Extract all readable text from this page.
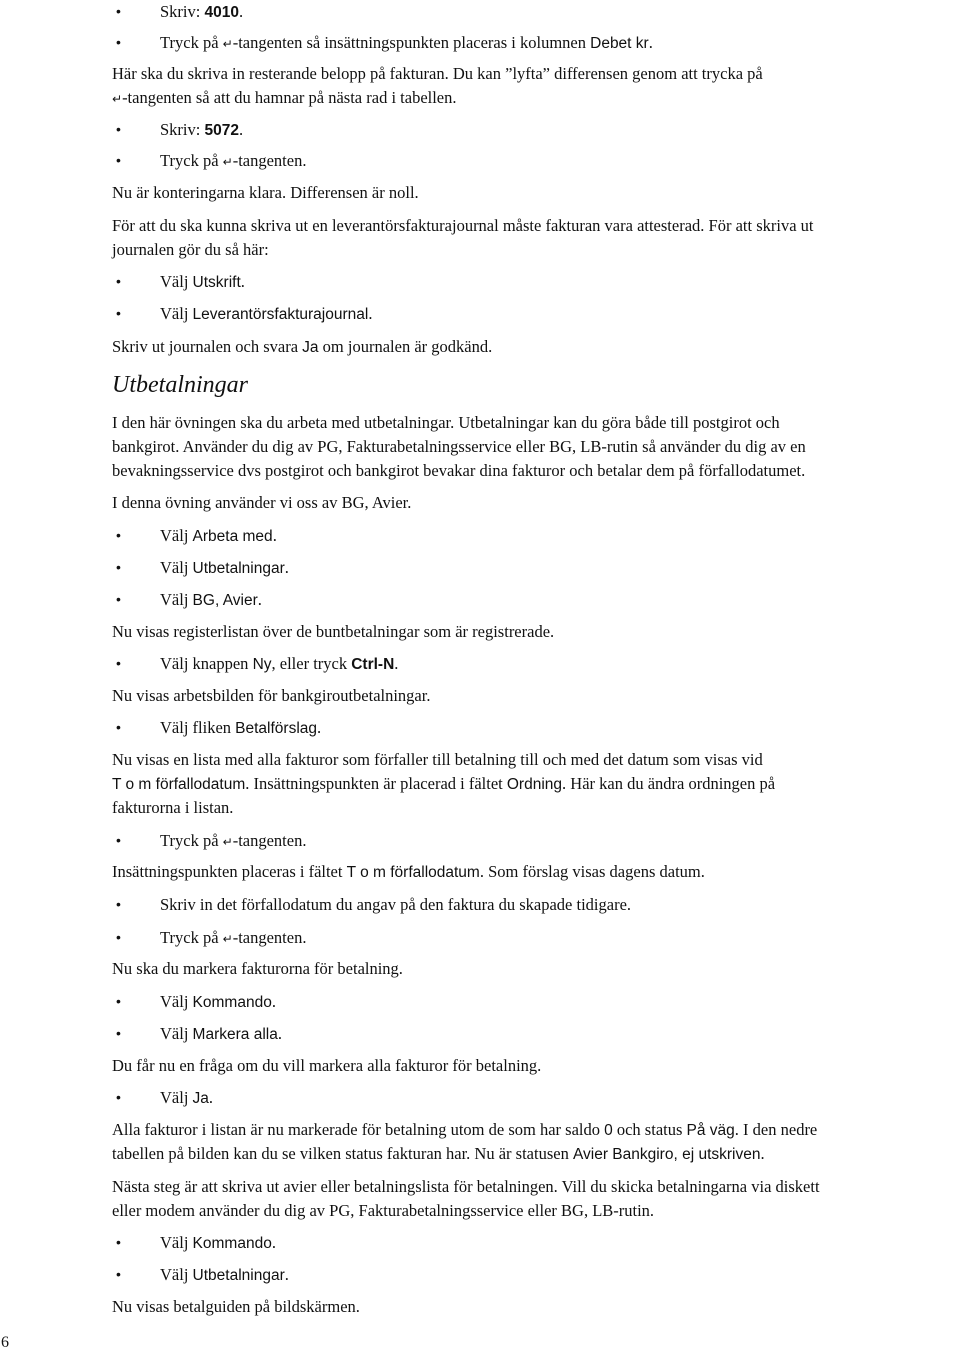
Utbetalningar
6
• Skriv: 4010.
• Tryck på ↵-tangenten så insättningspunkten placeras i kolumnen Debet kr.
Här ska du skriva in resterande belopp på fakturan. Du kan ”lyfta” differensen genom att trycka på
↵-tangenten så att du hamnar på nästa rad i tabellen.
• Skriv: 5072.
• Tryck på ↵-tangenten.
Nu är konteringarna klara. Differensen är noll.
För att du ska kunna skriva ut en leverantörsfakturajournal måste fakturan vara attesterad. För att skriva ut
journalen gör du så här:
• Välj Utskrift.
• Välj Leverantörsfakturajournal.
Skriv ut journalen och svara Ja om journalen är godkänd.
I den här övningen ska du arbeta med utbetalningar. Utbetalningar kan du göra både till postgirot och
bankgirot. Använder du dig av PG, Fakturabetalningsservice eller BG, LB-rutin så använder du dig av en
bevakningsservice dvs postgirot och bankgirot bevakar dina fakturor och betalar dem på förfallodatumet.
I denna övning använder vi oss av BG, Avier.
• Välj Arbeta med.
• Välj Utbetalningar.
• Välj BG, Avier.
Nu visas registerlistan över de buntbetalningar som är registrerade.
• Välj knappen Ny, eller tryck Ctrl-N.
Nu visas arbetsbilden för bankgiroutbetalningar.
• Välj fliken Betalförslag.
Nu visas en lista med alla fakturor som förfaller till betalning till och med det datum som visas vid
T o m förfallodatum. Insättningspunkten är placerad i fältet Ordning. Här kan du ändra ordningen på
fakturorna i listan.
• Tryck på ↵-tangenten.
Insättningspunkten placeras i fältet T o m förfallodatum. Som förslag visas dagens datum.
• Skriv in det förfallodatum du angav på den faktura du skapade tidigare.
• Tryck på ↵-tangenten.
Nu ska du markera fakturorna för betalning.
• Välj Kommando.
• Välj Markera alla.
Du får nu en fråga om du vill markera alla fakturor för betalning.
• Välj Ja.
Alla fakturor i listan är nu markerade för betalning utom de som har saldo 0 och status På väg. I den nedre
tabellen på bilden kan du se vilken status fakturan har. Nu är statusen Avier Bankgiro, ej utskriven.
Nästa steg är att skriva ut avier eller betalningslista för betalningen. Vill du skicka betalningarna via diskett
eller modem använder du dig av PG, Fakturabetalningsservice eller BG, LB-rutin.
• Välj Kommando.
• Välj Utbetalningar.
Nu visas betalguiden på bildskärmen.
